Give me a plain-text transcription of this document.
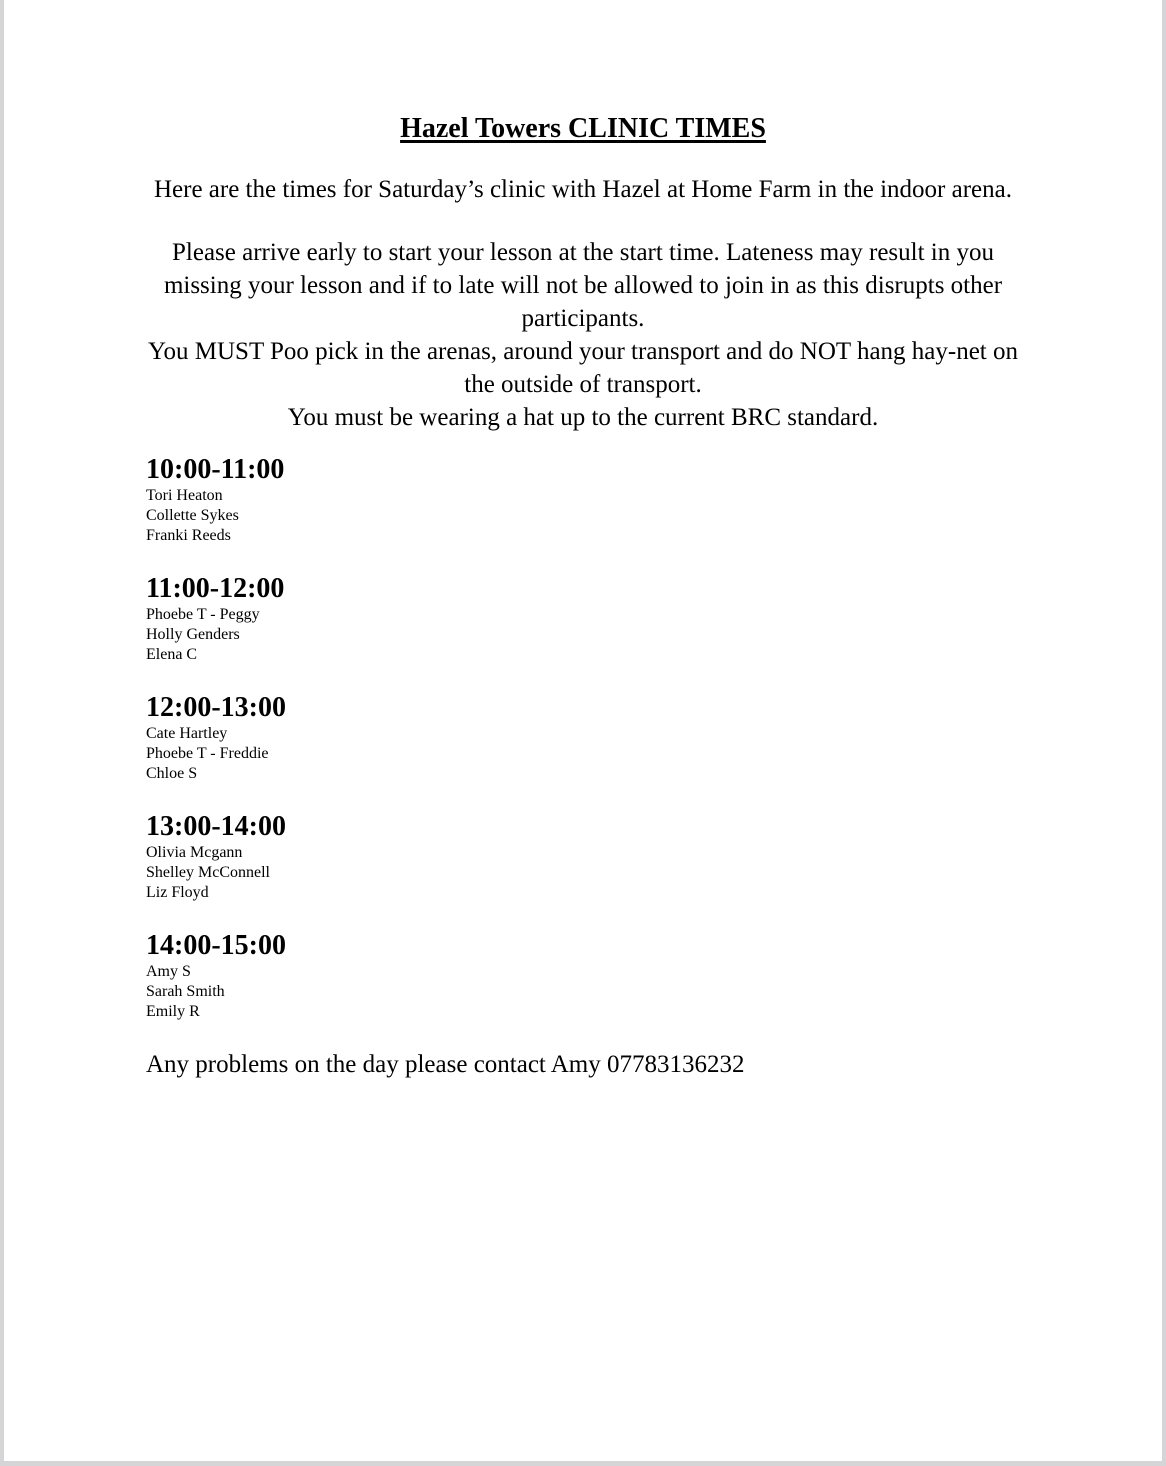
Hazel Towers CLINIC TIMES
Here are the times for Saturday’s clinic with Hazel at Home Farm in the indoor arena.
Please arrive early to start your lesson at the start time. Lateness may result in you missing your lesson and if to late will not be allowed to join in as this disrupts other participants.
You MUST Poo pick in the arenas, around your transport and do NOT hang hay-net on the outside of transport.
You must be wearing a hat up to the current BRC standard.
10:00-11:00
Tori Heaton
Collette Sykes
Franki Reeds
11:00-12:00
Phoebe T - Peggy
Holly Genders
Elena C
12:00-13:00
Cate Hartley
Phoebe T - Freddie
Chloe S
13:00-14:00
Olivia Mcgann
Shelley McConnell
Liz Floyd
14:00-15:00
Amy S
Sarah Smith
Emily R
Any problems on the day please contact Amy 07783136232
